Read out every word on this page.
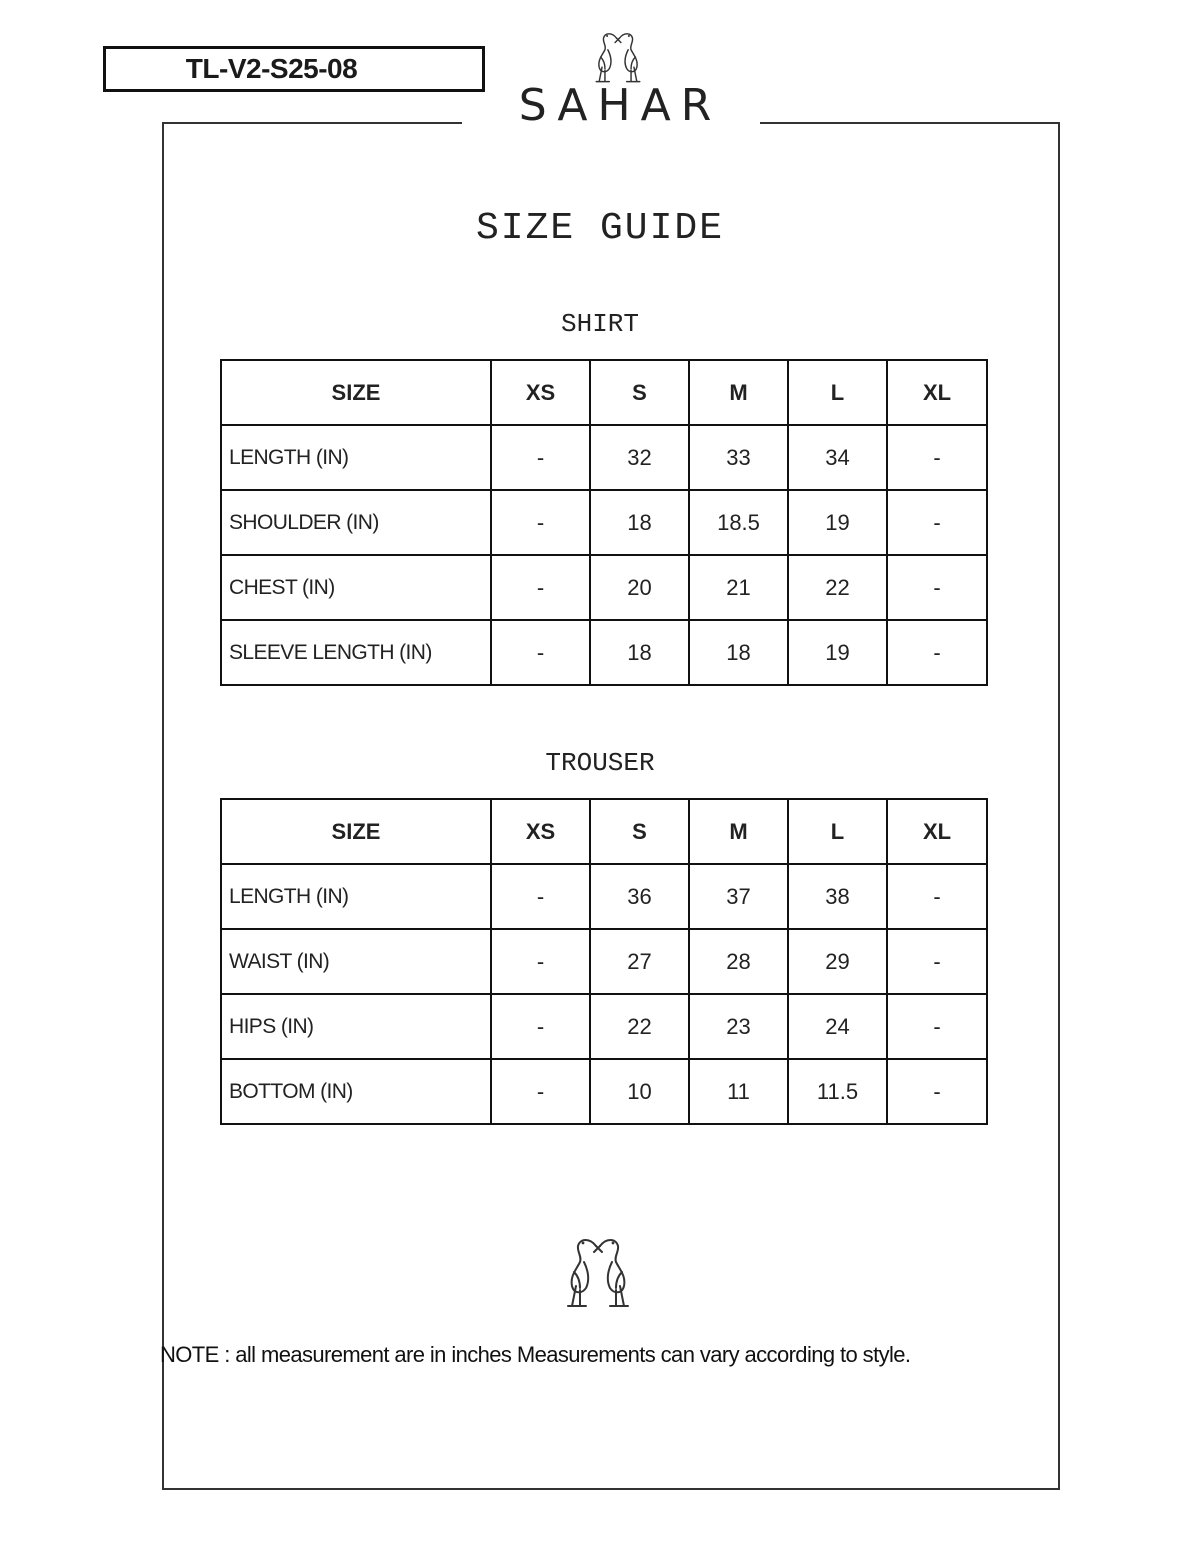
TL-V2-S25-08
SAHAR
SIZE GUIDE
SHIRT
SIZE	XS	S	M	L	XL
LENGTH (IN)	-	32	33	34	-
SHOULDER (IN)	-	18	18.5	19	-
CHEST (IN)	-	20	21	22	-
SLEEVE LENGTH (IN)	-	18	18	19	-
TROUSER
SIZE	XS	S	M	L	XL
LENGTH (IN)	-	36	37	38	-
WAIST (IN)	-	27	28	29	-
HIPS (IN)	-	22	23	24	-
BOTTOM (IN)	-	10	11	11.5	-
NOTE : all measurement are in inches Measurements can vary according to style.
